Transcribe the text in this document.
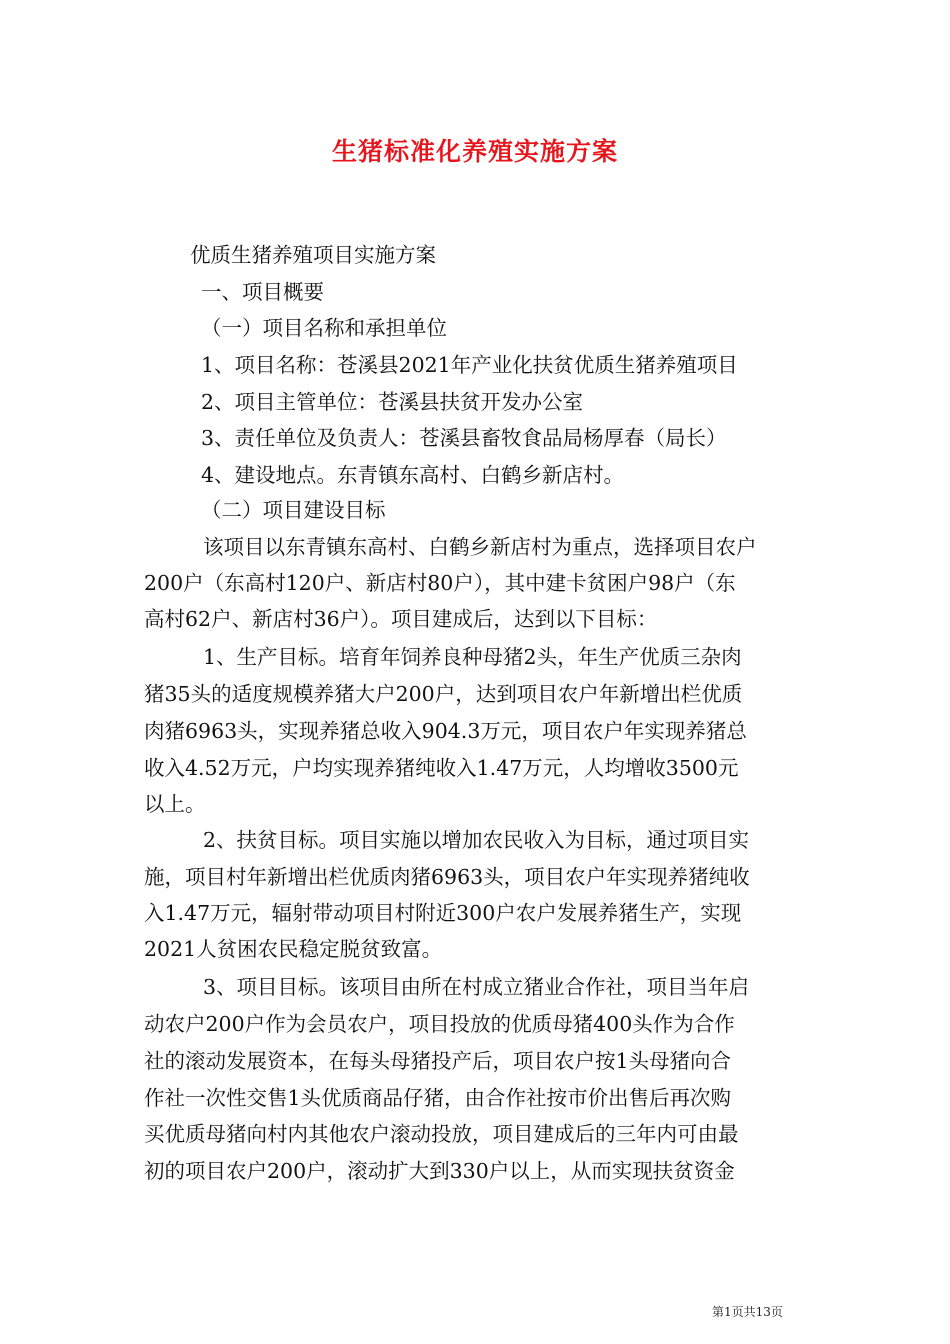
生猪标准化养殖实施方案
优质生猪养殖项目实施方案
一、项目概要
（一）项目名称和承担单位
1、项目名称：苍溪县2021年产业化扶贫优质生猪养殖项目
2、项目主管单位：苍溪县扶贫开发办公室
3、责任单位及负责人：苍溪县畜牧食品局杨厚春（局长）
4、建设地点。东青镇东高村、白鹤乡新店村。
（二）项目建设目标
该项目以东青镇东高村、白鹤乡新店村为重点，选择项目农户
200户（东高村120户、新店村80户），其中建卡贫困户98户（东
高村62户、新店村36户）。项目建成后，达到以下目标：
1、生产目标。培育年饲养良种母猪2头，年生产优质三杂肉
猪35头的适度规模养猪大户200户，达到项目农户年新增出栏优质
肉猪6963头，实现养猪总收入904.3万元，项目农户年实现养猪总
收入4.52万元，户均实现养猪纯收入1.47万元，人均增收3500元
以上。
2、扶贫目标。项目实施以增加农民收入为目标，通过项目实
施，项目村年新增出栏优质肉猪6963头，项目农户年实现养猪纯收
入1.47万元，辐射带动项目村附近300户农户发展养猪生产，实现
2021人贫困农民稳定脱贫致富。
3、项目目标。该项目由所在村成立猪业合作社，项目当年启
动农户200户作为会员农户，项目投放的优质母猪400头作为合作
社的滚动发展资本，在每头母猪投产后，项目农户按1头母猪向合
作社一次性交售1头优质商品仔猪，由合作社按市价出售后再次购
买优质母猪向村内其他农户滚动投放，项目建成后的三年内可由最
初的项目农户200户，滚动扩大到330户以上，从而实现扶贫资金
第1页共13页
